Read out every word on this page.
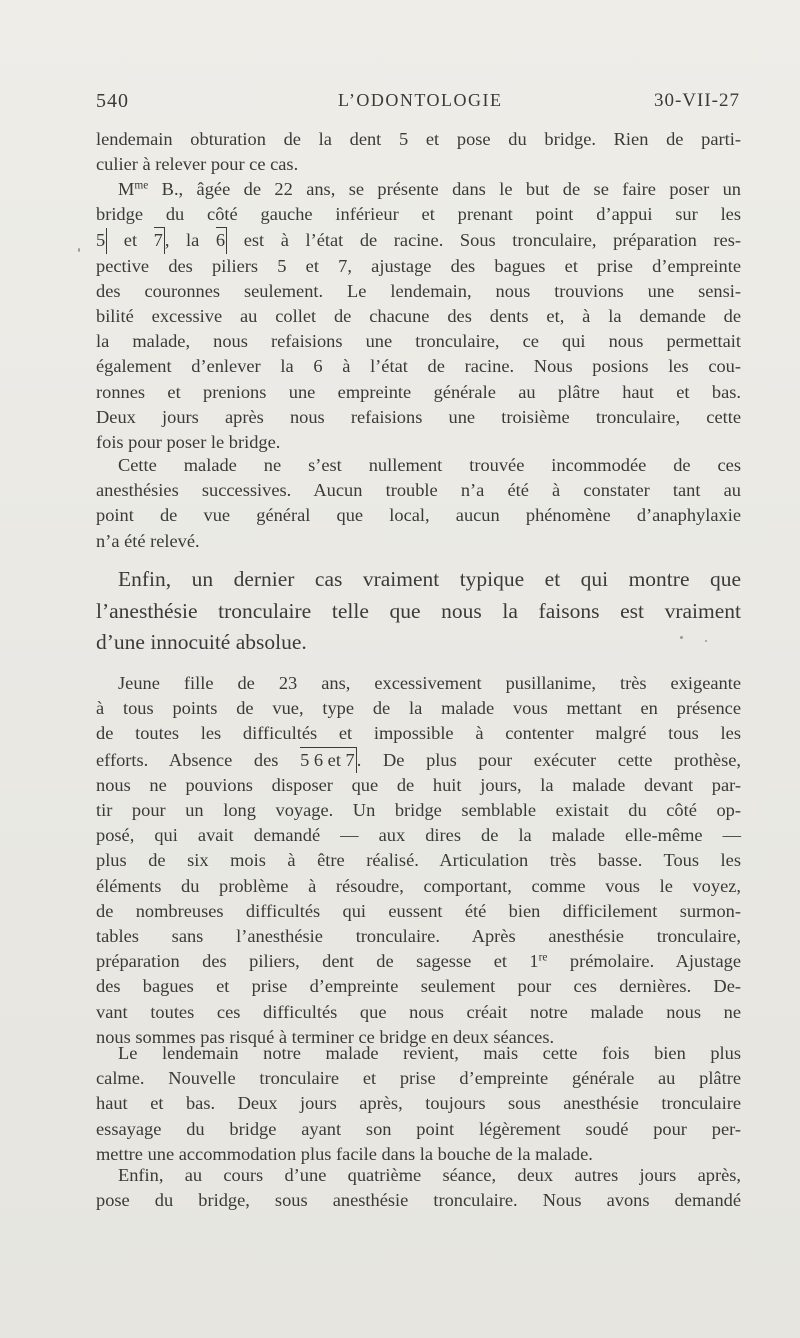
540	L’ODONTOLOGIE	30-VII-27

lendemain obturation de la dent 5 et pose du bridge. Rien de parti-
culier à relever pour ce cas.

$M^{me}$ B., âgée de 22 ans, se présente dans le but de se faire poser un
bridge du côté gauche inférieur et prenant point d’appui sur les
5 et 7 , la 6 est à l’état de racine. Sous tronculaire, préparation res-
pective des piliers 5 et 7, ajustage des bagues et prise d’empreinte
des couronnes seulement. Le lendemain, nous trouvions une sensi-
bilité excessive au collet de chacune des dents et, à la demande de
la malade, nous refaisions une tronculaire, ce qui nous permettait
également d’enlever la 6 à l’état de racine. Nous posions les cou-
ronnes et prenions une empreinte générale au plâtre haut et bas.
Deux jours après nous refaisions une troisième tronculaire, cette
fois pour poser le bridge.

Cette malade ne s’est nullement trouvée incommodée de ces
anesthésies successives. Aucun trouble n’a été à constater tant au
point de vue général que local, aucun phénomène d’anaphylaxie
n’a été relevé.

Enfin, un dernier cas vraiment typique et qui montre que
l’anesthésie tronculaire telle que nous la faisons est vraiment
d’une innocuité absolue.

Jeune fille de 23 ans, excessivement pusillanime, très exigeante
à tous points de vue, type de la malade vous mettant en présence
de toutes les difficultés et impossible à contenter malgré tous les
efforts. Absence des 5 6 et 7 . De plus pour exécuter cette prothèse,
nous ne pouvions disposer que de huit jours, la malade devant par-
tir pour un long voyage. Un bridge semblable existait du côté op-
posé, qui avait demandé — aux dires de la malade elle-même —
plus de six mois à être réalisé. Articulation très basse. Tous les
éléments du problème à résoudre, comportant, comme vous le voyez,
de nombreuses difficultés qui eussent été bien difficilement surmon-
tables sans l’anesthésie tronculaire. Après anesthésie tronculaire,
préparation des piliers, dent de sagesse et 1re prémolaire. Ajustage
des bagues et prise d’empreinte seulement pour ces dernières. De-
vant toutes ces difficultés que nous créait notre malade nous ne
nous sommes pas risqué à terminer ce bridge en deux séances.

Le lendemain notre malade revient, mais cette fois bien plus
calme. Nouvelle tronculaire et prise d’empreinte générale au plâtre
haut et bas. Deux jours après, toujours sous anesthésie tronculaire
essayage du bridge ayant son point légèrement soudé pour per-
mettre une accommodation plus facile dans la bouche de la malade.

Enfin, au cours d’une quatrième séance, deux autres jours après,
pose du bridge, sous anesthésie tronculaire. Nous avons demandé
